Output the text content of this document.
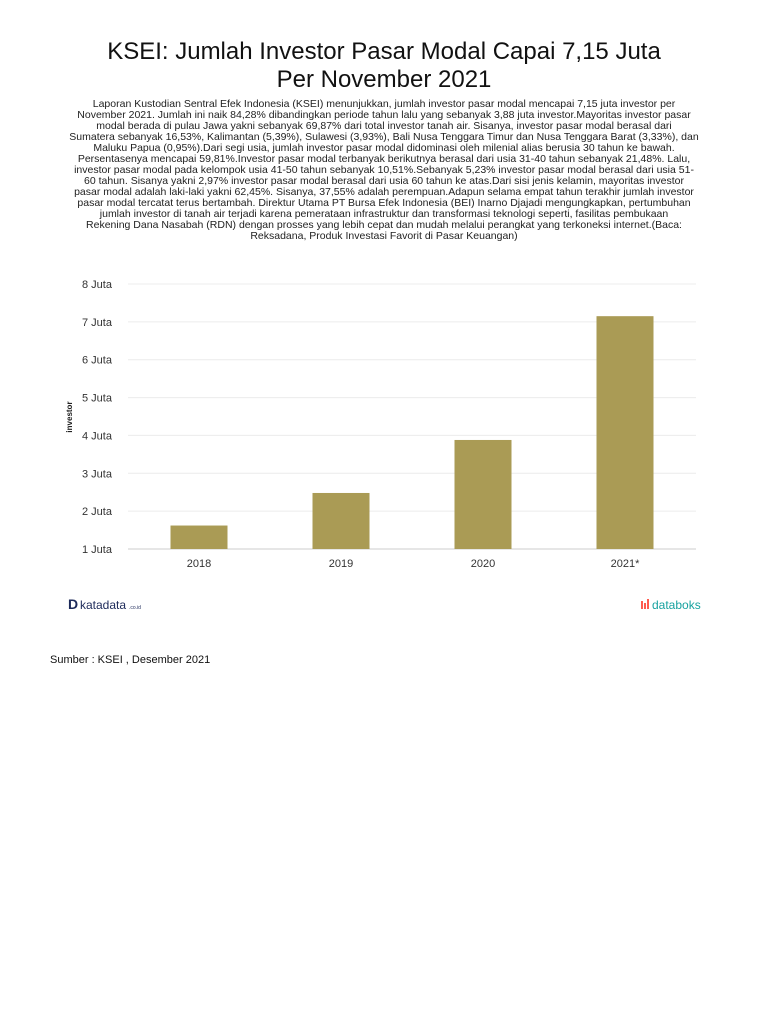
KSEI: Jumlah Investor Pasar Modal Capai 7,15 Juta
Per November 2021
Laporan Kustodian Sentral Efek Indonesia (KSEI) menunjukkan, jumlah investor pasar modal mencapai 7,15 juta investor per
November 2021. Jumlah ini naik 84,28% dibandingkan periode tahun lalu yang sebanyak 3,88 juta investor.Mayoritas investor pasar
modal berada di pulau Jawa yakni sebanyak 69,87% dari total investor tanah air. Sisanya, investor pasar modal berasal dari
Sumatera sebanyak 16,53%, Kalimantan (5,39%), Sulawesi (3,93%), Bali Nusa Tenggara Timur dan Nusa Tenggara Barat (3,33%), dan
Maluku Papua (0,95%).Dari segi usia, jumlah investor pasar modal didominasi oleh milenial alias berusia 30 tahun ke bawah.
Persentasenya mencapai 59,81%.Investor pasar modal terbanyak berikutnya berasal dari usia 31-40 tahun sebanyak 21,48%. Lalu,
investor pasar modal pada kelompok usia 41-50 tahun sebanyak 10,51%.Sebanyak 5,23% investor pasar modal berasal dari usia 51-
60 tahun. Sisanya yakni 2,97% investor pasar modal berasal dari usia 60 tahun ke atas.Dari sisi jenis kelamin, mayoritas investor
pasar modal adalah laki-laki yakni 62,45%. Sisanya, 37,55% adalah perempuan.Adapun selama empat tahun terakhir jumlah investor
pasar modal tercatat terus bertambah. Direktur Utama PT Bursa Efek Indonesia (BEI) Inarno Djajadi mengungkapkan, pertumbuhan
jumlah investor di tanah air terjadi karena pemerataan infrastruktur dan transformasi teknologi seperti, fasilitas pembukaan
Rekening Dana Nasabah (RDN) dengan prosses yang lebih cepat dan mudah melalui perangkat yang terkoneksi internet.(Baca:
Reksadana, Produk Investasi Favorit di Pasar Keuangan)
1 Juta
2 Juta
3 Juta
4 Juta
5 Juta
6 Juta
7 Juta
8 Juta
2018	2019	2020	2021*
investor
D katadata .co.id	databoks
Sumber : KSEI , Desember 2021
